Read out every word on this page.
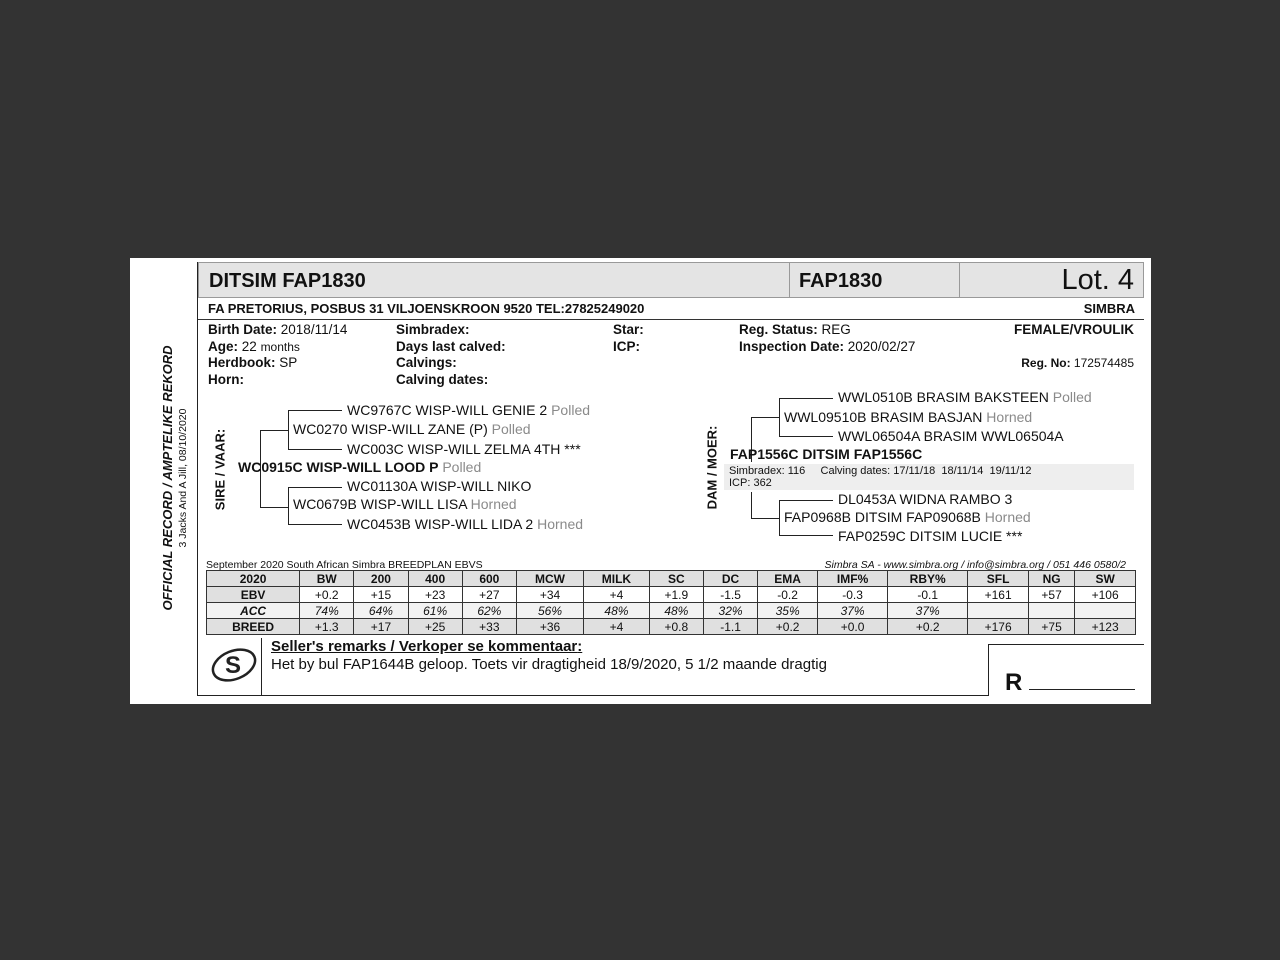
OFFICIAL RECORD / AMPTELIKE REKORD 3 Jacks And A Jill, 08/10/2020
DITSIM FAP1830	FAP1830	Lot. 4
FA PRETORIUS, POSBUS 31 VILJOENSKROON 9520 TEL:27825249020	SIMBRA
Birth Date: 2018/11/14
Age: 22 months
Herdbook: SP
Horn:
Simbradex:
Days last calved:
Calvings:
Calving dates:
Star:
ICP:
Reg. Status: REG
Inspection Date: 2020/02/27
FEMALE/VROULIK
Reg. No: 172574485
SIRE / VAAR:
WC9767C WISP-WILL GENIE 2 Polled
WC0270 WISP-WILL ZANE (P) Polled
WC003C WISP-WILL ZELMA 4TH ***
WC0915C WISP-WILL LOOD P Polled
WC01130A WISP-WILL NIKO
WC0679B WISP-WILL LISA Horned
WC0453B WISP-WILL LIDA 2 Horned
DAM / MOER:
WWL0510B BRASIM BAKSTEEN Polled
WWL09510B BRASIM BASJAN Horned
WWL06504A BRASIM WWL06504A
FAP1556C DITSIM FAP1556C
Simbradex: 116     Calving dates: 17/11/18  18/11/14  19/11/12
ICP: 362
DL0453A WIDNA RAMBO 3
FAP0968B DITSIM FAP09068B Horned
FAP0259C DITSIM LUCIE ***
September 2020 South African Simbra BREEDPLAN EBVS	Simbra SA - www.simbra.org / info@simbra.org / 051 446 0580/2
2020	BW	200	400	600	MCW	MILK	SC	DC	EMA	IMF%	RBY%	SFL	NG	SW
EBV	+0.2	+15	+23	+27	+34	+4	+1.9	-1.5	-0.2	-0.3	-0.1	+161	+57	+106
ACC	74%	64%	61%	62%	56%	48%	48%	32%	35%	37%	37%			
BREED	+1.3	+17	+25	+33	+36	+4	+0.8	-1.1	+0.2	+0.0	+0.2	+176	+75	+123
S
Seller's remarks / Verkoper se kommentaar:
Het by bul FAP1644B geloop. Toets vir dragtigheid 18/9/2020, 5 1/2 maande dragtig
R
